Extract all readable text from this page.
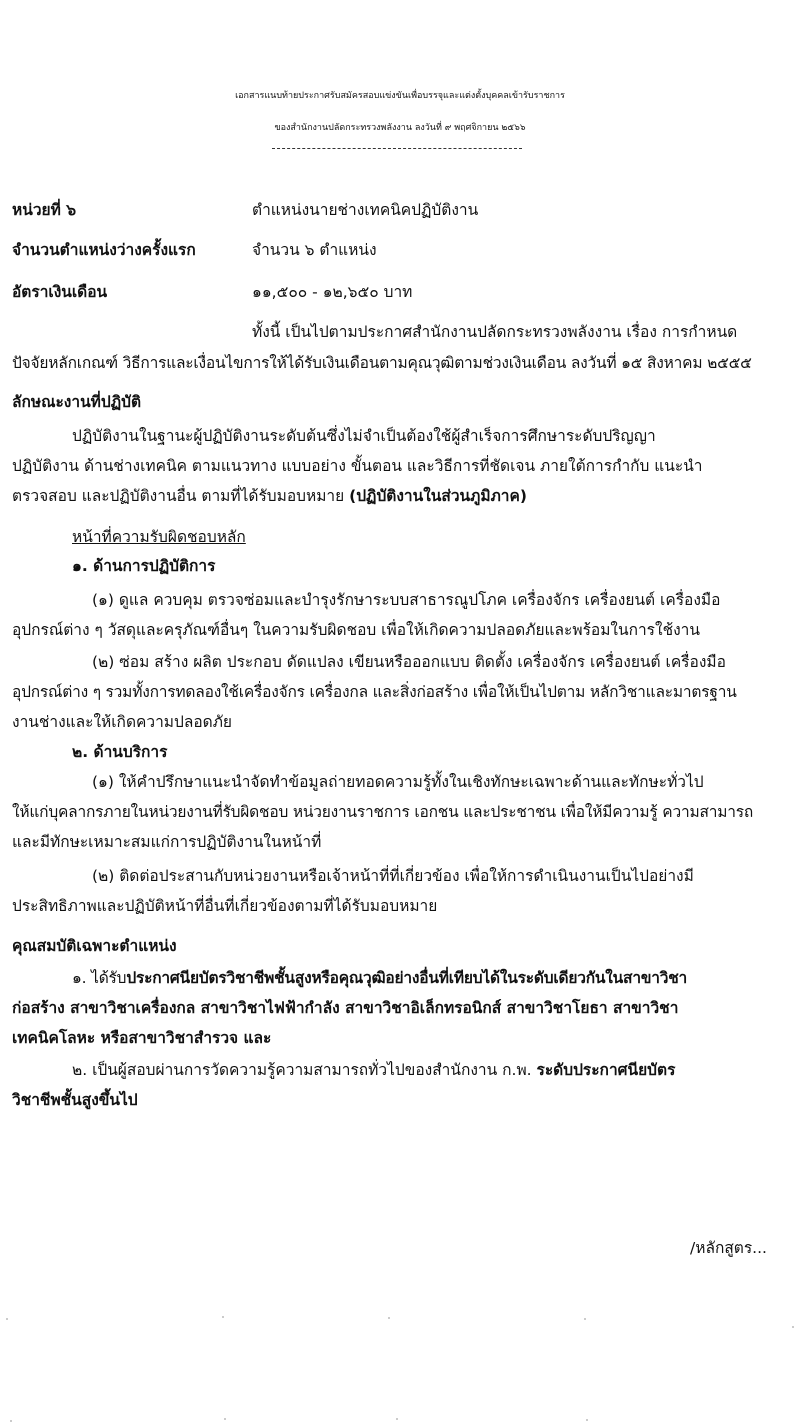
เอกสารแนบท้ายประกาศรับสมัครสอบแข่งขันเพื่อบรรจุและแต่งตั้งบุคคลเข้ารับราชการ
ของสำนักงานปลัดกระทรวงพลังงาน ลงวันที่ ๙ พฤศจิกายน ๒๕๖๖
หน่วยที่ ๖	ตำแหน่งนายช่างเทคนิคปฏิบัติงาน
จำนวนตำแหน่งว่างครั้งแรก	จำนวน ๖ ตำแหน่ง
อัตราเงินเดือน	๑๑,๕๐๐ - ๑๒,๖๕๐ บาท
ทั้งนี้ เป็นไปตามประกาศสำนักงานปลัดกระทรวงพลังงาน เรื่อง การกำหนด
ปัจจัยหลักเกณฑ์ วิธีการและเงื่อนไขการให้ได้รับเงินเดือนตามคุณวุฒิตามช่วงเงินเดือน ลงวันที่ ๑๕ สิงหาคม ๒๕๕๕
ลักษณะงานที่ปฏิบัติ
ปฏิบัติงานในฐานะผู้ปฏิบัติงานระดับต้นซึ่งไม่จำเป็นต้องใช้ผู้สำเร็จการศึกษาระดับปริญญา
ปฏิบัติงาน ด้านช่างเทคนิค ตามแนวทาง แบบอย่าง ขั้นตอน และวิธีการที่ชัดเจน ภายใต้การกำกับ แนะนำ
ตรวจสอบ และปฏิบัติงานอื่น ตามที่ได้รับมอบหมาย (ปฏิบัติงานในส่วนภูมิภาค)
หน้าที่ความรับผิดชอบหลัก
๑. ด้านการปฏิบัติการ
(๑) ดูแล ควบคุม ตรวจซ่อมและบำรุงรักษาระบบสาธารณูปโภค เครื่องจักร เครื่องยนต์ เครื่องมือ
อุปกรณ์ต่าง ๆ วัสดุและครุภัณฑ์อื่นๆ ในความรับผิดชอบ เพื่อให้เกิดความปลอดภัยและพร้อมในการใช้งาน
(๒) ซ่อม สร้าง ผลิต ประกอบ ดัดแปลง เขียนหรือออกแบบ ติดตั้ง เครื่องจักร เครื่องยนต์ เครื่องมือ
อุปกรณ์ต่าง ๆ รวมทั้งการทดลองใช้เครื่องจักร เครื่องกล และสิ่งก่อสร้าง เพื่อให้เป็นไปตาม หลักวิชาและมาตรฐาน
งานช่างและให้เกิดความปลอดภัย
๒. ด้านบริการ
(๑) ให้คำปรึกษาแนะนำจัดทำข้อมูลถ่ายทอดความรู้ทั้งในเชิงทักษะเฉพาะด้านและทักษะทั่วไป
ให้แก่บุคลากรภายในหน่วยงานที่รับผิดชอบ หน่วยงานราชการ เอกชน และประชาชน เพื่อให้มีความรู้ ความสามารถ
และมีทักษะเหมาะสมแก่การปฏิบัติงานในหน้าที่
(๒) ติดต่อประสานกับหน่วยงานหรือเจ้าหน้าที่ที่เกี่ยวข้อง เพื่อให้การดำเนินงานเป็นไปอย่างมี
ประสิทธิภาพและปฏิบัติหน้าที่อื่นที่เกี่ยวข้องตามที่ได้รับมอบหมาย
คุณสมบัติเฉพาะตำแหน่ง
๑. ได้รับประกาศนียบัตรวิชาชีพชั้นสูงหรือคุณวุฒิอย่างอื่นที่เทียบได้ในระดับเดียวกันในสาขาวิชา
ก่อสร้าง สาขาวิชาเครื่องกล สาขาวิชาไฟฟ้ากำลัง สาขาวิชาอิเล็กทรอนิกส์ สาขาวิชาโยธา สาขาวิชา
เทคนิคโลหะ หรือสาขาวิชาสำรวจ และ
๒. เป็นผู้สอบผ่านการวัดความรู้ความสามารถทั่วไปของสำนักงาน ก.พ. ระดับประกาศนียบัตร
วิชาชีพชั้นสูงขึ้นไป
/หลักสูตร...
